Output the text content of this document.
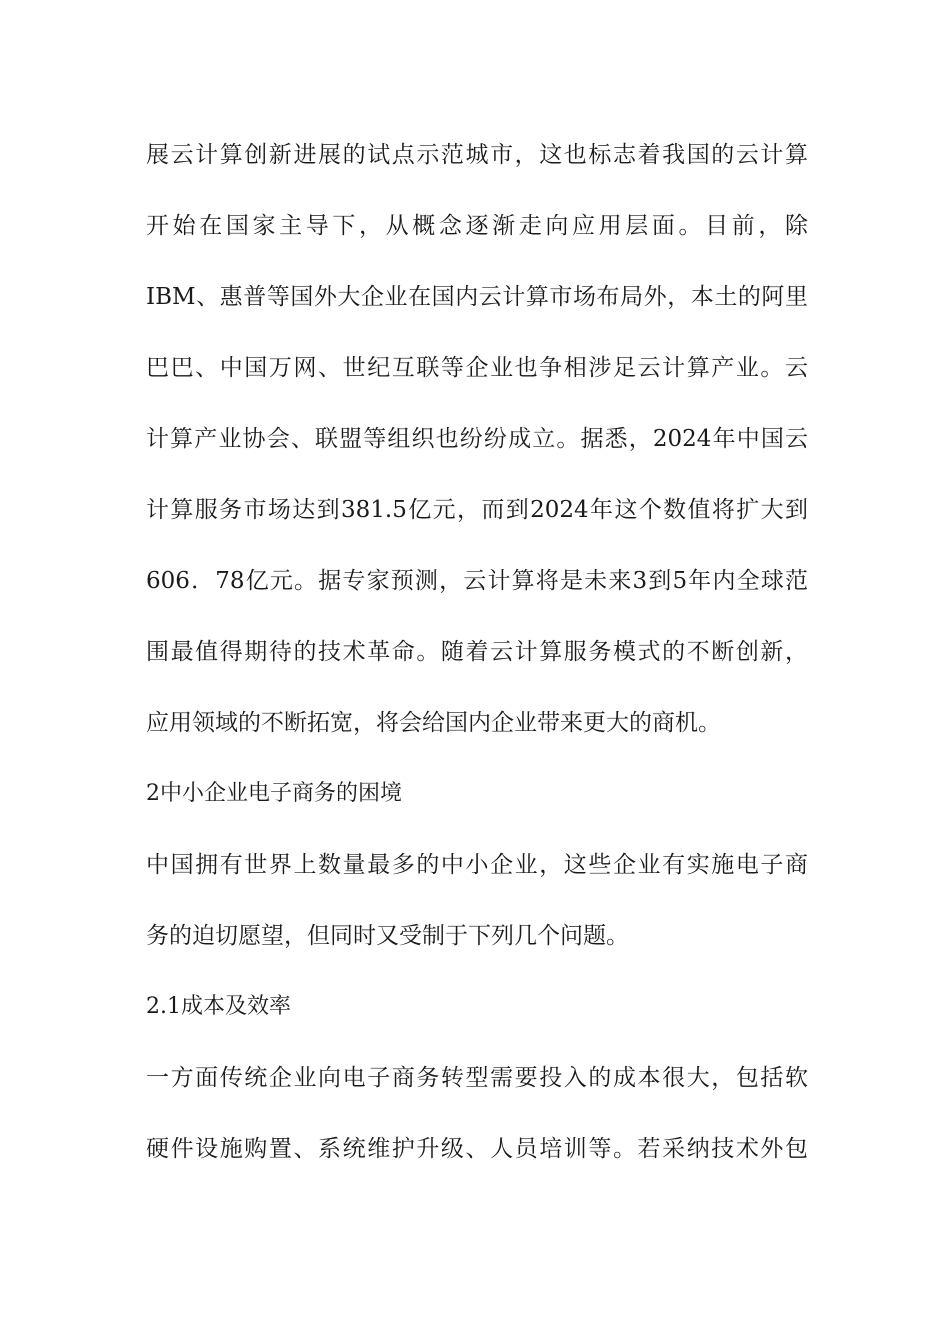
展云计算创新进展的试点示范城市，这也标志着我国的云计算
开始在国家主导下，从概念逐渐走向应用层面。目前，除
IBM、惠普等国外大企业在国内云计算市场布局外，本土的阿里
巴巴、中国万网、世纪互联等企业也争相涉足云计算产业。云
计算产业协会、联盟等组织也纷纷成立。据悉，2024年中国云
计算服务市场达到381.5亿元，而到2024年这个数值将扩大到
606．78亿元。据专家预测，云计算将是未来3到5年内全球范
围最值得期待的技术革命。随着云计算服务模式的不断创新，
应用领域的不断拓宽，将会给国内企业带来更大的商机。
2中小企业电子商务的困境
中国拥有世界上数量最多的中小企业，这些企业有实施电子商
务的迫切愿望，但同时又受制于下列几个问题。
2.1成本及效率
一方面传统企业向电子商务转型需要投入的成本很大，包括软
硬件设施购置、系统维护升级、人员培训等。若采纳技术外包
